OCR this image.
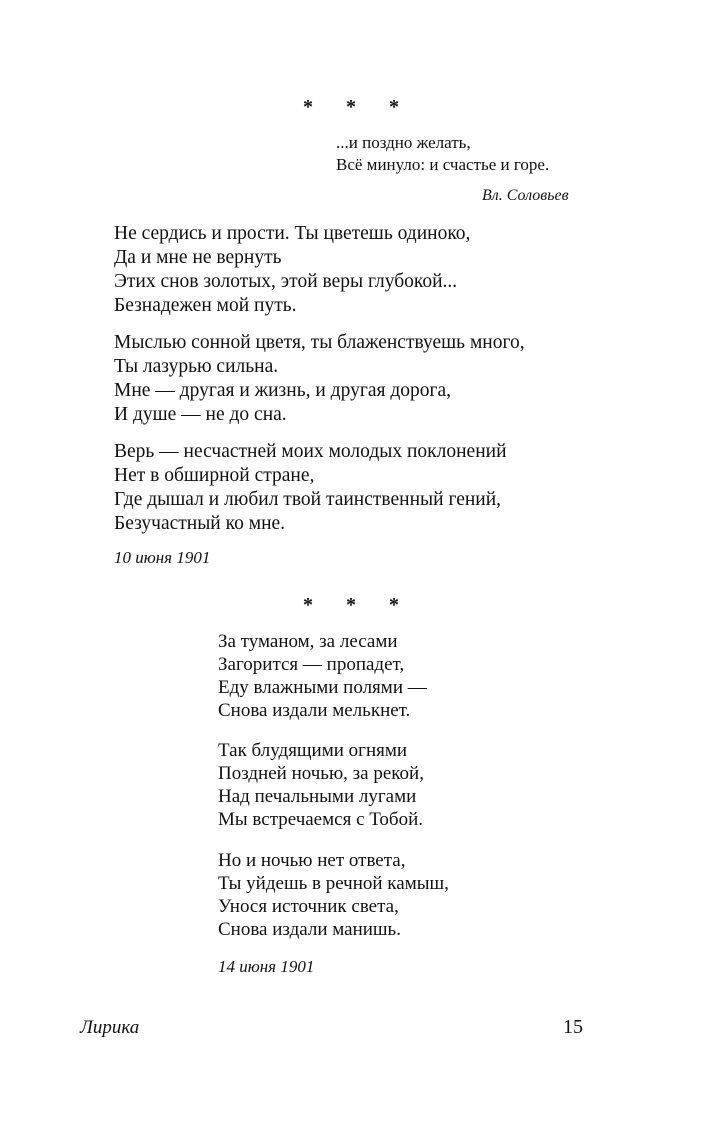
* * *
...и поздно желать,
Всё минуло: и счастье и горе.
Вл. Соловьев
Не сердись и прости. Ты цветешь одиноко,
Да и мне не вернуть
Этих снов золотых, этой веры глубокой...
Безнадежен мой путь.
Мыслью сонной цветя, ты блаженствуешь много,
Ты лазурью сильна.
Мне — другая и жизнь, и другая дорога,
И душе — не до сна.
Верь — несчастней моих молодых поклонений
Нет в обширной стране,
Где дышал и любил твой таинственный гений,
Безучастный ко мне.
10 июня 1901
* * *
За туманом, за лесами
Загорится — пропадет,
Еду влажными полями —
Снова издали мелькнет.
Так блудящими огнями
Поздней ночью, за рекой,
Над печальными лугами
Мы встречаемся с Тобой.
Но и ночью нет ответа,
Ты уйдешь в речной камыш,
Унося источник света,
Снова издали манишь.
14 июня 1901
Лирика	15
